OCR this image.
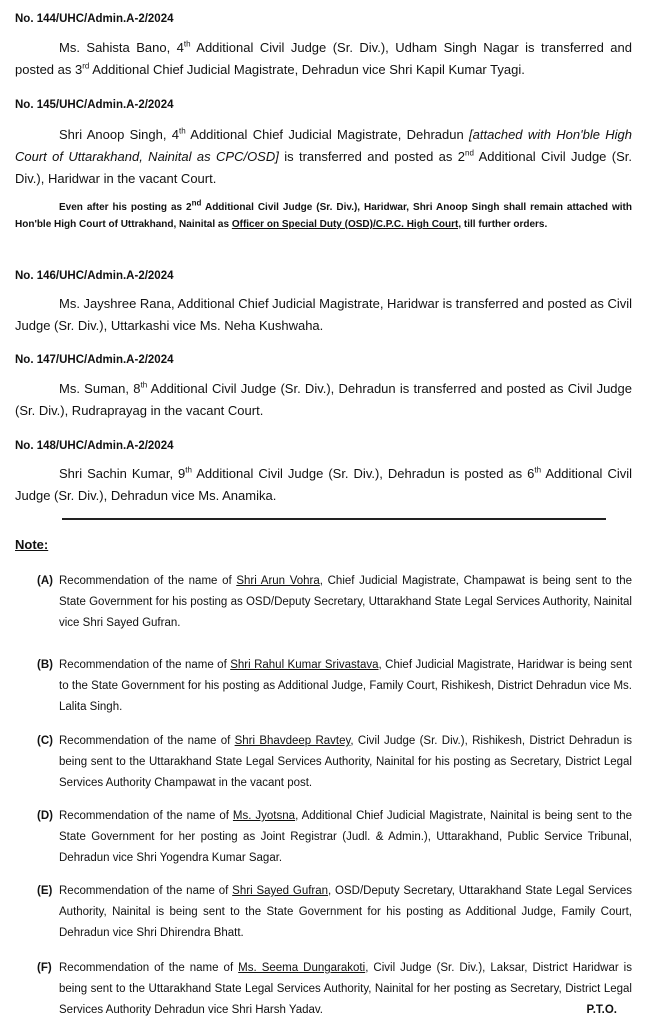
No. 144/UHC/Admin.A-2/2024

Ms. Sahista Bano, 4th Additional Civil Judge (Sr. Div.), Udham Singh Nagar is transferred and posted as 3rd Additional Chief Judicial Magistrate, Dehradun vice Shri Kapil Kumar Tyagi.

No. 145/UHC/Admin.A-2/2024

Shri Anoop Singh, 4th Additional Chief Judicial Magistrate, Dehradun [attached with Hon'ble High Court of Uttarakhand, Nainital as CPC/OSD] is transferred and posted as 2nd Additional Civil Judge (Sr. Div.), Haridwar in the vacant Court.

Even after his posting as 2nd Additional Civil Judge (Sr. Div.), Haridwar, Shri Anoop Singh shall remain attached with Hon'ble High Court of Uttrakhand, Nainital as Officer on Special Duty (OSD)/C.P.C. High Court, till further orders.

No. 146/UHC/Admin.A-2/2024

Ms. Jayshree Rana, Additional Chief Judicial Magistrate, Haridwar is transferred and posted as Civil Judge (Sr. Div.), Uttarkashi vice Ms. Neha Kushwaha.

No. 147/UHC/Admin.A-2/2024

Ms. Suman, 8th Additional Civil Judge (Sr. Div.), Dehradun is transferred and posted as Civil Judge (Sr. Div.), Rudraprayag in the vacant Court.

No. 148/UHC/Admin.A-2/2024

Shri Sachin Kumar, 9th Additional Civil Judge (Sr. Div.), Dehradun is posted as 6th Additional Civil Judge (Sr. Div.), Dehradun vice Ms. Anamika.

Note:
(A) Recommendation of the name of Shri Arun Vohra, Chief Judicial Magistrate, Champawat is being sent to the State Government for his posting as OSD/Deputy Secretary, Uttarakhand State Legal Services Authority, Nainital vice Shri Sayed Gufran.
(B) Recommendation of the name of Shri Rahul Kumar Srivastava, Chief Judicial Magistrate, Haridwar is being sent to the State Government for his posting as Additional Judge, Family Court, Rishikesh, District Dehradun vice Ms. Lalita Singh.
(C) Recommendation of the name of Shri Bhavdeep Ravtey, Civil Judge (Sr. Div.), Rishikesh, District Dehradun is being sent to the Uttarakhand State Legal Services Authority, Nainital for his posting as Secretary, District Legal Services Authority Champawat in the vacant post.
(D) Recommendation of the name of Ms. Jyotsna, Additional Chief Judicial Magistrate, Nainital is being sent to the State Government for her posting as Joint Registrar (Judl. & Admin.), Uttarakhand, Public Service Tribunal, Dehradun vice Shri Yogendra Kumar Sagar.
(E) Recommendation of the name of Shri Sayed Gufran, OSD/Deputy Secretary, Uttarakhand State Legal Services Authority, Nainital is being sent to the State Government for his posting as Additional Judge, Family Court, Dehradun vice Shri Dhirendra Bhatt.
(F) Recommendation of the name of Ms. Seema Dungarakoti, Civil Judge (Sr. Div.), Laksar, District Haridwar is being sent to the Uttarakhand State Legal Services Authority, Nainital for her posting as Secretary, District Legal Services Authority Dehradun vice Shri Harsh Yadav.	P.T.O.
